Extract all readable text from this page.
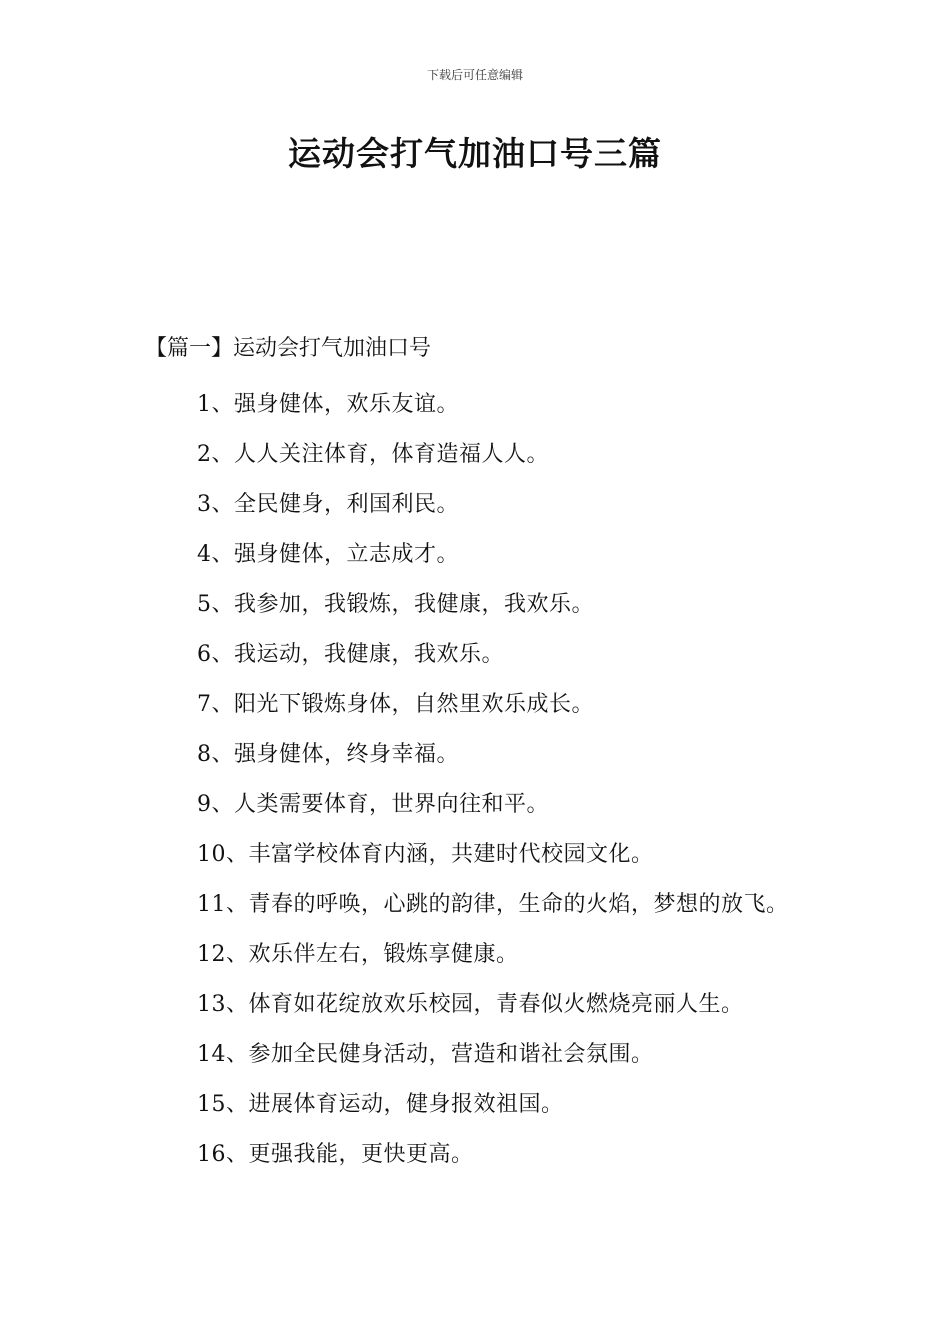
下载后可任意编辑
运动会打气加油口号三篇
【篇一】运动会打气加油口号
1、强身健体，欢乐友谊。
2、人人关注体育，体育造福人人。
3、全民健身，利国利民。
4、强身健体，立志成才。
5、我参加，我锻炼，我健康，我欢乐。
6、我运动，我健康，我欢乐。
7、阳光下锻炼身体，自然里欢乐成长。
8、强身健体，终身幸福。
9、人类需要体育，世界向往和平。
10、丰富学校体育内涵，共建时代校园文化。
11、青春的呼唤，心跳的韵律，生命的火焰，梦想的放飞。
12、欢乐伴左右，锻炼享健康。
13、体育如花绽放欢乐校园，青春似火燃烧亮丽人生。
14、参加全民健身活动，营造和谐社会氛围。
15、进展体育运动，健身报效祖国。
16、更强我能，更快更高。
